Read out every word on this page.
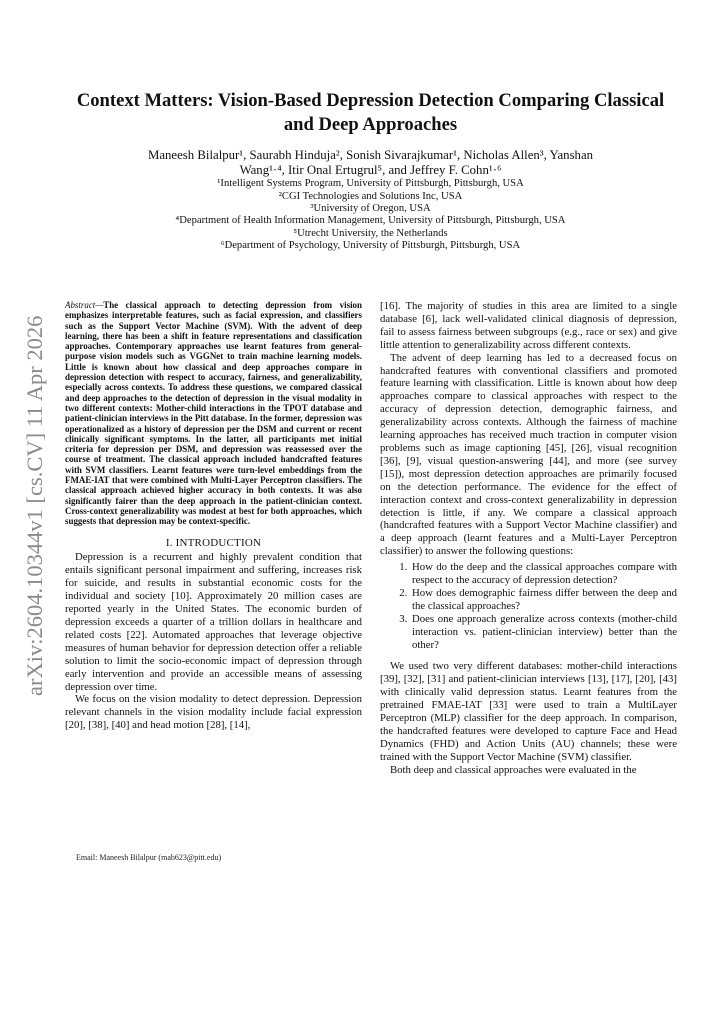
arXiv:2604.10344v1 [cs.CV] 11 Apr 2026
Context Matters: Vision-Based Depression Detection Comparing Classical and Deep Approaches
Maneesh Bilalpur¹, Saurabh Hinduja², Sonish Sivarajkumar¹, Nicholas Allen³, Yanshan
Wang¹·⁴, Itir Onal Ertugrul⁵, and Jeffrey F. Cohn¹·⁶
¹Intelligent Systems Program, University of Pittsburgh, Pittsburgh, USA
²CGI Technologies and Solutions Inc, USA
³University of Oregon, USA
⁴Department of Health Information Management, University of Pittsburgh, Pittsburgh, USA
⁵Utrecht University, the Netherlands
⁶Department of Psychology, University of Pittsburgh, Pittsburgh, USA

Abstract—The classical approach to detecting depression from vision emphasizes interpretable features, such as facial expression, and classifiers such as the Support Vector Machine (SVM). With the advent of deep learning, there has been a shift in feature representations and classification approaches. Contemporary approaches use learnt features from general-purpose vision models such as VGGNet to train machine learning models. Little is known about how classical and deep approaches compare in depression detection with respect to accuracy, fairness, and generalizability, especially across contexts. To address these questions, we compared classical and deep approaches to the detection of depression in the visual modality in two different contexts: Mother-child interactions in the TPOT database and patient-clinician interviews in the Pitt database. In the former, depression was operationalized as a history of depression per the DSM and current or recent clinically significant symptoms. In the latter, all participants met initial criteria for depression per DSM, and depression was reassessed over the course of treatment. The classical approach included handcrafted features with SVM classifiers. Learnt features were turn-level embeddings from the FMAE-IAT that were combined with Multi-Layer Perceptron classifiers. The classical approach achieved higher accuracy in both contexts. It was also significantly fairer than the deep approach in the patient-clinician context. Cross-context generalizability was modest at best for both approaches, which suggests that depression may be context-specific.

I. INTRODUCTION

Depression is a recurrent and highly prevalent condition that entails significant personal impairment and suffering, increases risk for suicide, and results in substantial economic costs for the individual and society [10]. Approximately 20 million cases are reported yearly in the United States. The economic burden of depression exceeds a quarter of a trillion dollars in healthcare and related costs [22]. Automated approaches that leverage objective measures of human behavior for depression detection offer a reliable solution to limit the socio-economic impact of depression through early intervention and provide an accessible means of assessing depression over time.

We focus on the vision modality to detect depression. Depression relevant channels in the vision modality include facial expression [20], [38], [40] and head motion [28], [14],

[16]. The majority of studies in this area are limited to a single database [6], lack well-validated clinical diagnosis of depression, fail to assess fairness between subgroups (e.g., race or sex) and give little attention to generalizability across different contexts.

The advent of deep learning has led to a decreased focus on handcrafted features with conventional classifiers and promoted feature learning with classification. Little is known about how deep approaches compare to classical approaches with respect to the accuracy of depression detection, demographic fairness, and generalizability across contexts. Although the fairness of machine learning approaches has received much traction in computer vision problems such as image captioning [45], [26], visual recognition [36], [9], visual question-answering [44], and more (see survey [15]), most depression detection approaches are primarily focused on the detection performance. The evidence for the effect of interaction context and cross-context generalizability in depression detection is little, if any. We compare a classical approach (handcrafted features with a Support Vector Machine classifier) and a deep approach (learnt features and a Multi-Layer Perceptron classifier) to answer the following questions:

1. How do the deep and the classical approaches compare with respect to the accuracy of depression detection?
2. How does demographic fairness differ between the deep and the classical approaches?
3. Does one approach generalize across contexts (mother-child interaction vs. patient-clinician interview) better than the other?

We used two very different databases: mother-child interactions [39], [32], [31] and patient-clinician interviews [13], [17], [20], [43] with clinically valid depression status. Learnt features from the pretrained FMAE-IAT [33] were used to train a MultiLayer Perceptron (MLP) classifier for the deep approach. In comparison, the handcrafted features were developed to capture Face and Head Dynamics (FHD) and Action Units (AU) channels; these were trained with the Support Vector Machine (SVM) classifier.

Both deep and classical approaches were evaluated in the

Email: Maneesh Bilalpur (mab623@pitt.edu)
